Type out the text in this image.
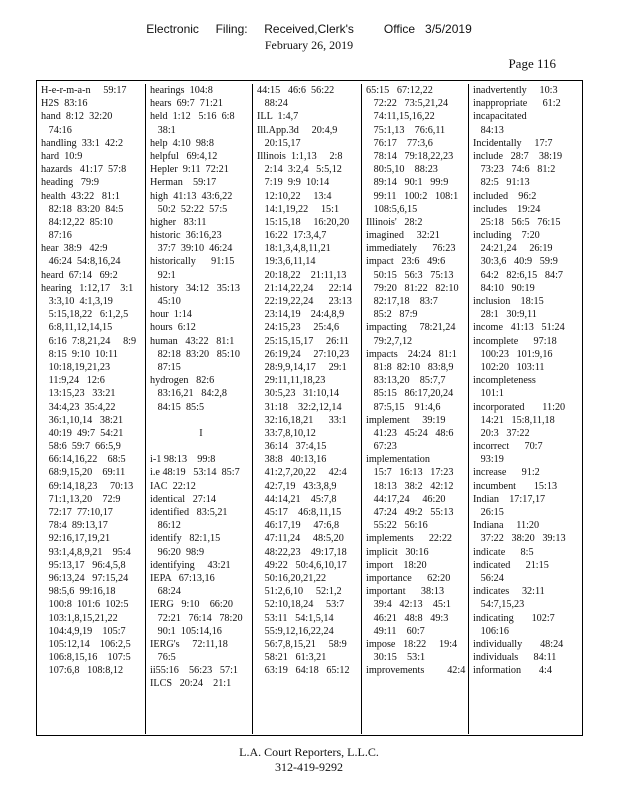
Electronic     Filing:     Received,Clerk's         Office   3/5/2019
February 26, 2019
Page 116
H-e-r-m-a-n     59:17
H2S  83:16
hand  8:12  32:20
74:16
handling  33:1  42:2
hard  10:9
hazards   41:17  57:8
heading   79:9
health  43:22   81:1
82:18  83:20  84:5
84:12,22  85:10
87:16
hear  38:9   42:9
46:24  54:8,16,24
heard  67:14   69:2
hearing   1:12,17    3:1
3:3,10  4:1,3,19
5:15,18,22   6:1,2,5
6:8,11,12,14,15
6:16  7:8,21,24     8:9
8:15  9:10  10:11
10:18,19,21,23
11:9,24   12:6
13:15,23   33:21
34:4,23  35:4,22
36:1,10,14   38:21
40:19  49:7  54:21
58:6  59:7  66:5,9
66:14,16,22    68:5
68:9,15,20    69:11
69:14,18,23     70:13
71:1,13,20    72:9
72:17  77:10,17
78:4  89:13,17
92:16,17,19,21
93:1,4,8,9,21    95:4
95:13,17   96:4,5,8
96:13,24   97:15,24
98:5,6  99:16,18
100:8  101:6  102:5
103:1,8,15,21,22
104:4,9,19    105:7
105:12,14    106:2,5
106:8,15,16    107:5
107:6,8   108:8,12
hearings  104:8
hears  69:7  71:21
held  1:12   5:16  6:8
38:1
help  4:10  98:8
helpful   69:4,12
Hepler  9:11  72:21
Herman    59:17
high  41:13  43:6,22
50:2  52:22  57:5
higher   83:11
historic  36:16,23
37:7  39:10  46:24
historically      91:15
92:1
history   34:12   35:13
45:10
hour  1:14
hours  6:12
human   43:22   81:1
82:18  83:20   85:10
87:15
hydrogen   82:6
83:16,21   84:2,8
84:15  85:5
I
i-1 98:13    99:8
i.e 48:19   53:14  85:7
IAC  22:12
identical   27:14
identified   83:5,21
86:12
identify   82:1,15
96:20  98:9
identifying     43:21
IEPA   67:13,16
68:24
IERG   9:10    66:20
72:21   76:14   78:20
90:1  105:14,16
IERG's     72:11,18
76:5
ii55:16    56:23   57:1
ILCS   20:24    21:1
44:15   46:6  56:22
88:24
ILL  1:4,7
Ill.App.3d     20:4,9
20:15,17
Illinois  1:1,13     2:8
2:14  3:2,4   5:5,12
7:19  9:9  10:14
12:10,22     13:4
14:1,19,22     15:1
15:15,18     16:20,20
16:22  17:3,4,7
18:1,3,4,8,11,21
19:3,6,11,14
20:18,22    21:11,13
21:14,22,24      22:14
22:19,22,24      23:13
23:14,19    24:4,8,9
24:15,23     25:4,6
25:15,15,17     26:11
26:19,24     27:10,23
28:9,9,14,17     29:1
29:11,11,18,23
30:5,23   31:10,14
31:18    32:2,12,14
32:16,18,21      33:1
33:7,8,10,12
36:14   37:4,15
38:8   40:13,16
41:2,7,20,22     42:4
42:7,19   43:3,8,9
44:14,21    45:7,8
45:17    46:8,11,15
46:17,19     47:6,8
47:11,24     48:5,20
48:22,23    49:17,18
49:22   50:4,6,10,17
50:16,20,21,22
51:2,6,10     52:1,2
52:10,18,24     53:7
53:11   54:1,5,14
55:9,12,16,22,24
56:7,8,15,21     58:9
58:21   61:3,21
63:19   64:18   65:12
65:15   67:12,22
72:22   73:5,21,24
74:11,15,16,22
75:1,13    76:6,11
76:17    77:3,6
78:14   79:18,22,23
80:5,10    88:23
89:14   90:1   99:9
99:11   100:2   108:1
108:5,6,15
Illinois'   28:2
imagined     32:21
immediately      76:23
impact   23:6   49:6
50:15   56:3   75:13
79:20   81:22   82:10
82:17,18    83:7
85:2   87:9
impacting     78:21,24
79:2,7,12
impacts    24:24   81:1
81:8  82:10   83:8,9
83:13,20    85:7,7
85:15   86:17,20,24
87:5,15    91:4,6
implement     39:19
41:23   45:24   48:6
67:23
implementation
15:7   16:13   17:23
18:13   38:2   42:12
44:17,24     46:20
47:24   49:2   55:13
55:22   56:16
implements      22:22
implicit   30:16
import    18:20
importance      62:20
important      38:13
39:4   42:13    45:1
46:21   48:8   49:3
49:11    60:7
impose   18:22     19:4
30:15    53:1
improvements         42:4
inadvertently     10:3
inappropriate      61:2
incapacitated
84:13
Incidentally     17:7
include   28:7    38:19
73:23   74:6   81:2
82:5   91:13
included    96:2
includes    19:24
25:18   56:5   76:15
including    7:20
24:21,24     26:19
30:3,6   40:9   59:9
64:2   82:6,15   84:7
84:10   90:19
inclusion    18:15
28:1   30:9,11
income   41:13   51:24
incomplete      97:18
100:23   101:9,16
102:20   103:11
incompleteness
101:1
incorporated       11:20
14:21   15:8,11,18
20:3   37:22
incorrect      70:7
93:19
increase      91:2
incumbent       15:13
Indian    17:17,17
26:15
Indiana     11:20
37:22   38:20   39:13
indicate      8:5
indicated      21:15
56:24
indicates     32:11
54:7,15,23
indicating       102:7
106:16
individually       48:24
individuals      84:11
information       4:4
L.A. Court Reporters, L.L.C.
312-419-9292
